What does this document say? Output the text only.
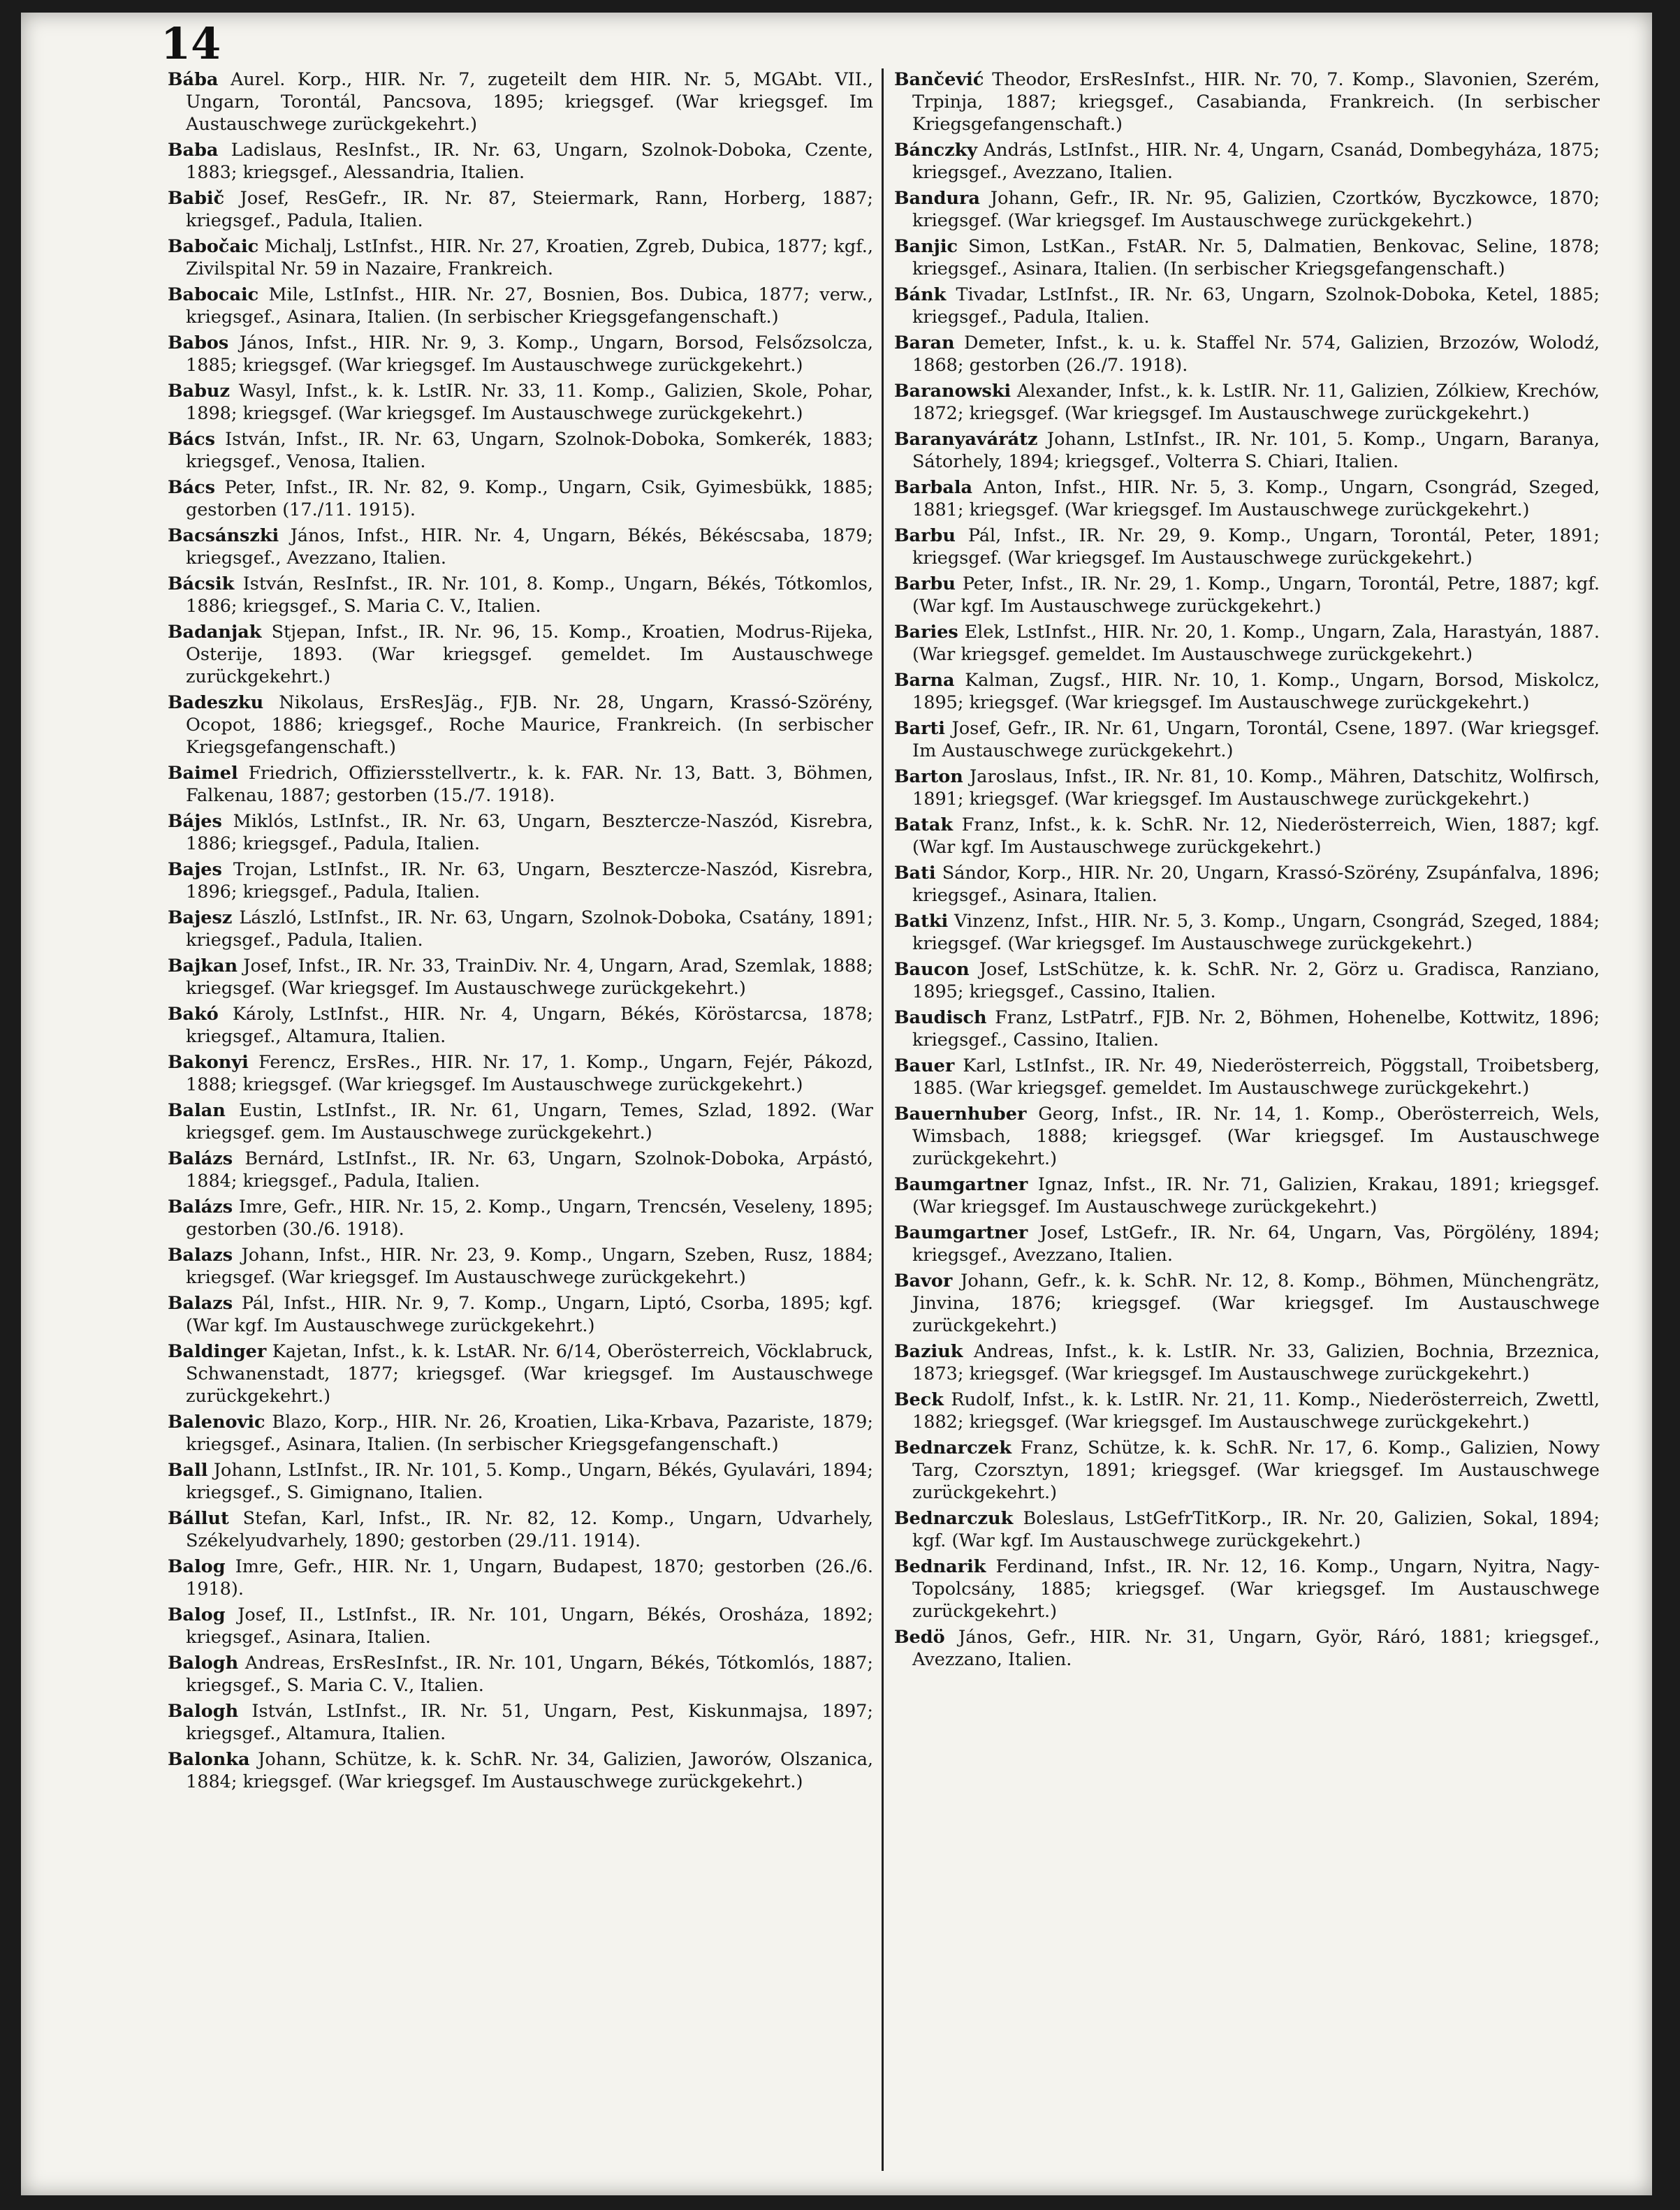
14

Bába Aurel. Korp., HIR. Nr. 7, zugeteilt dem HIR. Nr. 5, MGAbt. VII., Ungarn, Torontál, Pancsova, 1895; kriegsgef. (War kriegsgef. Im Austauschwege zurückgekehrt.)

Baba Ladislaus, ResInfst., IR. Nr. 63, Ungarn, Szolnok-Doboka, Czente, 1883; kriegsgef., Alessandria, Italien.

Babič Josef, ResGefr., IR. Nr. 87, Steiermark, Rann, Horberg, 1887; kriegsgef., Padula, Italien.

Babočaic Michalj, LstInfst., HIR. Nr. 27, Kroatien, Zgreb, Dubica, 1877; kgf., Zivilspital Nr. 59 in Nazaire, Frankreich.

Babocaic Mile, LstInfst., HIR. Nr. 27, Bosnien, Bos. Dubica, 1877; verw., kriegsgef., Asinara, Italien. (In serbischer Kriegsgefangenschaft.)

Babos János, Infst., HIR. Nr. 9, 3. Komp., Ungarn, Borsod, Felsőzsolcza, 1885; kriegsgef. (War kriegsgef. Im Austauschwege zurückgekehrt.)

Babuz Wasyl, Infst., k. k. LstIR. Nr. 33, 11. Komp., Galizien, Skole, Pohar, 1898; kriegsgef. (War kriegsgef. Im Austauschwege zurückgekehrt.)

Bács István, Infst., IR. Nr. 63, Ungarn, Szolnok-Doboka, Somkerék, 1883; kriegsgef., Venosa, Italien.

Bács Peter, Infst., IR. Nr. 82, 9. Komp., Ungarn, Csik, Gyimesbükk, 1885; gestorben (17./11. 1915).

Bacsánszki János, Infst., HIR. Nr. 4, Ungarn, Békés, Békéscsaba, 1879; kriegsgef., Avezzano, Italien.

Bácsik István, ResInfst., IR. Nr. 101, 8. Komp., Ungarn, Békés, Tótkomlos, 1886; kriegsgef., S. Maria C. V., Italien.

Badanjak Stjepan, Infst., IR. Nr. 96, 15. Komp., Kroatien, Modrus-Rijeka, Osterije, 1893. (War kriegsgef. gemeldet. Im Austauschwege zurückgekehrt.)

Badeszku Nikolaus, ErsResJäg., FJB. Nr. 28, Ungarn, Krassó-Szörény, Ocopot, 1886; kriegsgef., Roche Maurice, Frankreich. (In serbischer Kriegsgefangenschaft.)

Baimel Friedrich, Offiziersstellvertr., k. k. FAR. Nr. 13, Batt. 3, Böhmen, Falkenau, 1887; gestorben (15./7. 1918).

Bájes Miklós, LstInfst., IR. Nr. 63, Ungarn, Besztercze-Naszód, Kisrebra, 1886; kriegsgef., Padula, Italien.

Bajes Trojan, LstInfst., IR. Nr. 63, Ungarn, Besztercze-Naszód, Kisrebra, 1896; kriegsgef., Padula, Italien.

Bajesz László, LstInfst., IR. Nr. 63, Ungarn, Szolnok-Doboka, Csatány, 1891; kriegsgef., Padula, Italien.

Bajkan Josef, Infst., IR. Nr. 33, TrainDiv. Nr. 4, Ungarn, Arad, Szemlak, 1888; kriegsgef. (War kriegsgef. Im Austauschwege zurückgekehrt.)

Bakó Károly, LstInfst., HIR. Nr. 4, Ungarn, Békés, Köröstarcsa, 1878; kriegsgef., Altamura, Italien.

Bakonyi Ferencz, ErsRes., HIR. Nr. 17, 1. Komp., Ungarn, Fejér, Pákozd, 1888; kriegsgef. (War kriegsgef. Im Austauschwege zurückgekehrt.)

Balan Eustin, LstInfst., IR. Nr. 61, Ungarn, Temes, Szlad, 1892. (War kriegsgef. gem. Im Austauschwege zurückgekehrt.)

Balázs Bernárd, LstInfst., IR. Nr. 63, Ungarn, Szolnok-Doboka, Arpástó, 1884; kriegsgef., Padula, Italien.

Balázs Imre, Gefr., HIR. Nr. 15, 2. Komp., Ungarn, Trencsén, Veseleny, 1895; gestorben (30./6. 1918).

Balazs Johann, Infst., HIR. Nr. 23, 9. Komp., Ungarn, Szeben, Rusz, 1884; kriegsgef. (War kriegsgef. Im Austauschwege zurückgekehrt.)

Balazs Pál, Infst., HIR. Nr. 9, 7. Komp., Ungarn, Liptó, Csorba, 1895; kgf. (War kgf. Im Austauschwege zurückgekehrt.)

Baldinger Kajetan, Infst., k. k. LstAR. Nr. 6/14, Oberösterreich, Vöcklabruck, Schwanenstadt, 1877; kriegsgef. (War kriegsgef. Im Austauschwege zurückgekehrt.)

Balenovic Blazo, Korp., HIR. Nr. 26, Kroatien, Lika-Krbava, Pazariste, 1879; kriegsgef., Asinara, Italien. (In serbischer Kriegsgefangenschaft.)

Ball Johann, LstInfst., IR. Nr. 101, 5. Komp., Ungarn, Békés, Gyulavári, 1894; kriegsgef., S. Gimignano, Italien.

Bállut Stefan, Karl, Infst., IR. Nr. 82, 12. Komp., Ungarn, Udvarhely, Székelyudvarhely, 1890; gestorben (29./11. 1914).

Balog Imre, Gefr., HIR. Nr. 1, Ungarn, Budapest, 1870; gestorben (26./6. 1918).

Balog Josef, II., LstInfst., IR. Nr. 101, Ungarn, Békés, Orosháza, 1892; kriegsgef., Asinara, Italien.

Balogh Andreas, ErsResInfst., IR. Nr. 101, Ungarn, Békés, Tótkomlós, 1887; kriegsgef., S. Maria C. V., Italien.

Balogh István, LstInfst., IR. Nr. 51, Ungarn, Pest, Kiskunmajsa, 1897; kriegsgef., Altamura, Italien.

Balonka Johann, Schütze, k. k. SchR. Nr. 34, Galizien, Jaworów, Olszanica, 1884; kriegsgef. (War kriegsgef. Im Austauschwege zurückgekehrt.)

Bančević Theodor, ErsResInfst., HIR. Nr. 70, 7. Komp., Slavonien, Szerém, Trpinja, 1887; kriegsgef., Casabianda, Frankreich. (In serbischer Kriegsgefangenschaft.)

Bánczky András, LstInfst., HIR. Nr. 4, Ungarn, Csanád, Dombegyháza, 1875; kriegsgef., Avezzano, Italien.

Bandura Johann, Gefr., IR. Nr. 95, Galizien, Czortków, Byczkowce, 1870; kriegsgef. (War kriegsgef. Im Austauschwege zurückgekehrt.)

Banjic Simon, LstKan., FstAR. Nr. 5, Dalmatien, Benkovac, Seline, 1878; kriegsgef., Asinara, Italien. (In serbischer Kriegsgefangenschaft.)

Bánk Tivadar, LstInfst., IR. Nr. 63, Ungarn, Szolnok-Doboka, Ketel, 1885; kriegsgef., Padula, Italien.

Baran Demeter, Infst., k. u. k. Staffel Nr. 574, Galizien, Brzozów, Wolodź, 1868; gestorben (26./7. 1918).

Baranowski Alexander, Infst., k. k. LstIR. Nr. 11, Galizien, Zólkiew, Krechów, 1872; kriegsgef. (War kriegsgef. Im Austauschwege zurückgekehrt.)

Baranyavárátz Johann, LstInfst., IR. Nr. 101, 5. Komp., Ungarn, Baranya, Sátorhely, 1894; kriegsgef., Volterra S. Chiari, Italien.

Barbala Anton, Infst., HIR. Nr. 5, 3. Komp., Ungarn, Csongrád, Szeged, 1881; kriegsgef. (War kriegsgef. Im Austauschwege zurückgekehrt.)

Barbu Pál, Infst., IR. Nr. 29, 9. Komp., Ungarn, Torontál, Peter, 1891; kriegsgef. (War kriegsgef. Im Austauschwege zurückgekehrt.)

Barbu Peter, Infst., IR. Nr. 29, 1. Komp., Ungarn, Torontál, Petre, 1887; kgf. (War kgf. Im Austauschwege zurückgekehrt.)

Baries Elek, LstInfst., HIR. Nr. 20, 1. Komp., Ungarn, Zala, Harastyán, 1887. (War kriegsgef. gemeldet. Im Austauschwege zurückgekehrt.)

Barna Kalman, Zugsf., HIR. Nr. 10, 1. Komp., Ungarn, Borsod, Miskolcz, 1895; kriegsgef. (War kriegsgef. Im Austauschwege zurückgekehrt.)

Barti Josef, Gefr., IR. Nr. 61, Ungarn, Torontál, Csene, 1897. (War kriegsgef. Im Austauschwege zurückgekehrt.)

Barton Jaroslaus, Infst., IR. Nr. 81, 10. Komp., Mähren, Datschitz, Wolfirsch, 1891; kriegsgef. (War kriegsgef. Im Austauschwege zurückgekehrt.)

Batak Franz, Infst., k. k. SchR. Nr. 12, Niederösterreich, Wien, 1887; kgf. (War kgf. Im Austauschwege zurückgekehrt.)

Bati Sándor, Korp., HIR. Nr. 20, Ungarn, Krassó-Szörény, Zsupánfalva, 1896; kriegsgef., Asinara, Italien.

Batki Vinzenz, Infst., HIR. Nr. 5, 3. Komp., Ungarn, Csongrád, Szeged, 1884; kriegsgef. (War kriegsgef. Im Austauschwege zurückgekehrt.)

Baucon Josef, LstSchütze, k. k. SchR. Nr. 2, Görz u. Gradisca, Ranziano, 1895; kriegsgef., Cassino, Italien.

Baudisch Franz, LstPatrf., FJB. Nr. 2, Böhmen, Hohenelbe, Kottwitz, 1896; kriegsgef., Cassino, Italien.

Bauer Karl, LstInfst., IR. Nr. 49, Niederösterreich, Pöggstall, Troibetsberg, 1885. (War kriegsgef. gemeldet. Im Austauschwege zurückgekehrt.)

Bauernhuber Georg, Infst., IR. Nr. 14, 1. Komp., Oberösterreich, Wels, Wimsbach, 1888; kriegsgef. (War kriegsgef. Im Austauschwege zurückgekehrt.)

Baumgartner Ignaz, Infst., IR. Nr. 71, Galizien, Krakau, 1891; kriegsgef. (War kriegsgef. Im Austauschwege zurückgekehrt.)

Baumgartner Josef, LstGefr., IR. Nr. 64, Ungarn, Vas, Pörgölény, 1894; kriegsgef., Avezzano, Italien.

Bavor Johann, Gefr., k. k. SchR. Nr. 12, 8. Komp., Böhmen, Münchengrätz, Jinvina, 1876; kriegsgef. (War kriegsgef. Im Austauschwege zurückgekehrt.)

Baziuk Andreas, Infst., k. k. LstIR. Nr. 33, Galizien, Bochnia, Brzeznica, 1873; kriegsgef. (War kriegsgef. Im Austauschwege zurückgekehrt.)

Beck Rudolf, Infst., k. k. LstIR. Nr. 21, 11. Komp., Niederösterreich, Zwettl, 1882; kriegsgef. (War kriegsgef. Im Austauschwege zurückgekehrt.)

Bednarczek Franz, Schütze, k. k. SchR. Nr. 17, 6. Komp., Galizien, Nowy Targ, Czorsztyn, 1891; kriegsgef. (War kriegsgef. Im Austauschwege zurückgekehrt.)

Bednarczuk Boleslaus, LstGefrTitKorp., IR. Nr. 20, Galizien, Sokal, 1894; kgf. (War kgf. Im Austauschwege zurückgekehrt.)

Bednarik Ferdinand, Infst., IR. Nr. 12, 16. Komp., Ungarn, Nyitra, Nagy-Topolcsány, 1885; kriegsgef. (War kriegsgef. Im Austauschwege zurückgekehrt.)

Bedö János, Gefr., HIR. Nr. 31, Ungarn, Györ, Ráró, 1881; kriegsgef., Avezzano, Italien.
